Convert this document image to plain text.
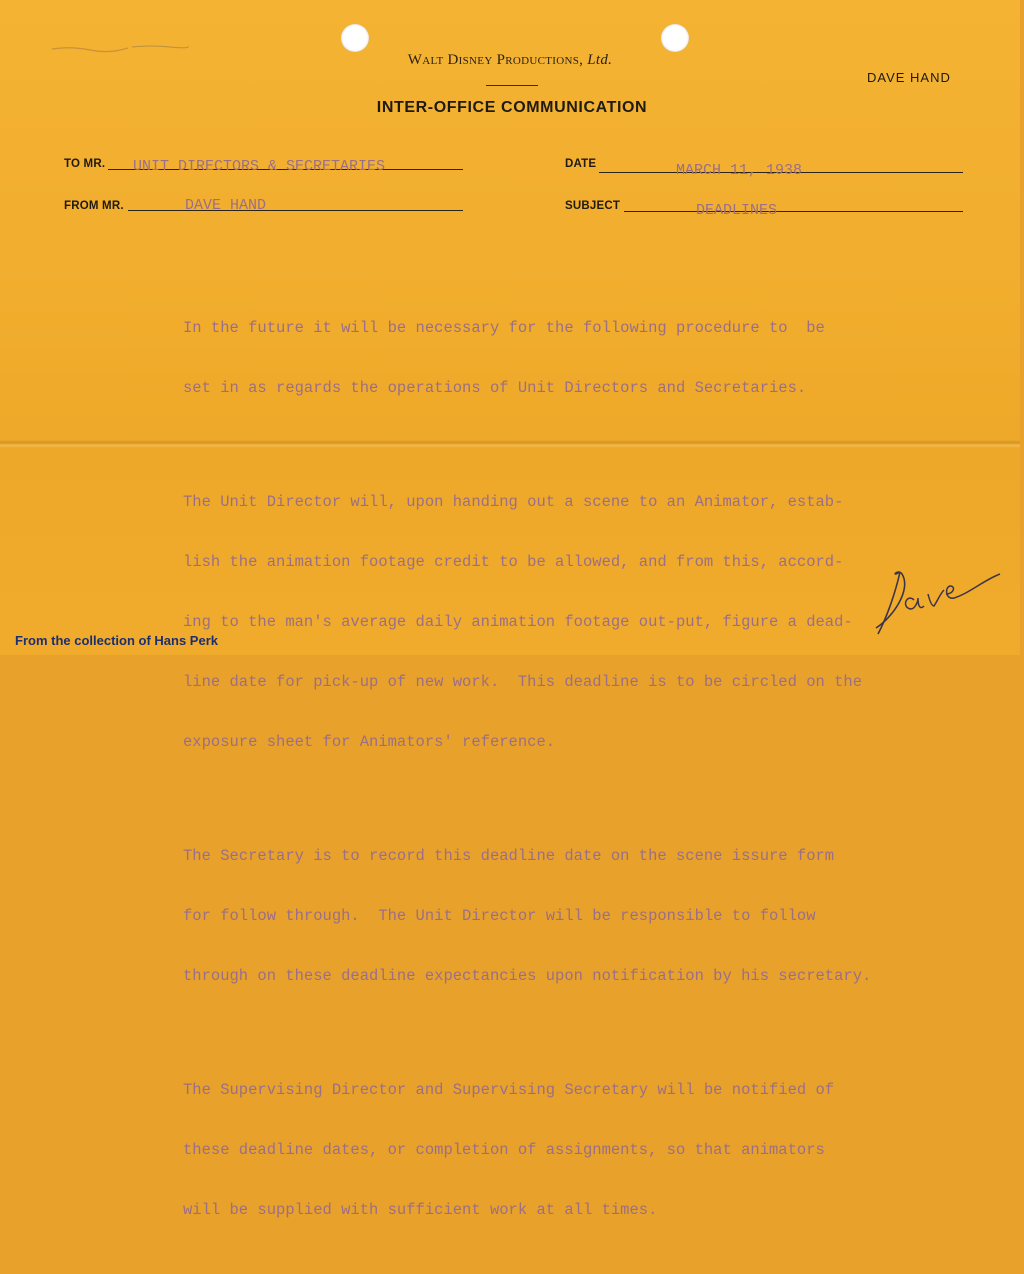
Walt Disney Productions, Ltd.
INTER-OFFICE COMMUNICATION
DAVE HAND
TO MR. UNIT DIRECTORS & SECRETARIES
FROM MR.	DAVE HAND
DATE	MARCH 11, 1938
SUBJECT	DEADLINES

In the future it will be necessary for the following procedure to  be

set in as regards the operations of Unit Directors and Secretaries.

The Unit Director will, upon handing out a scene to an Animator, estab-

lish the animation footage credit to be allowed, and from this, accord-

ing to the man's average daily animation footage out-put, figure a dead-

line date for pick-up of new work.  This deadline is to be circled on the

exposure sheet for Animators' reference.

The Secretary is to record this deadline date on the scene issure form

for follow through.  The Unit Director will be responsible to follow

through on these deadline expectancies upon notification by his secretary.

The Supervising Director and Supervising Secretary will be notified of

these deadline dates, or completion of assignments, so that animators

will be supplied with sufficient work at all times.

From the collection of Hans Perk
